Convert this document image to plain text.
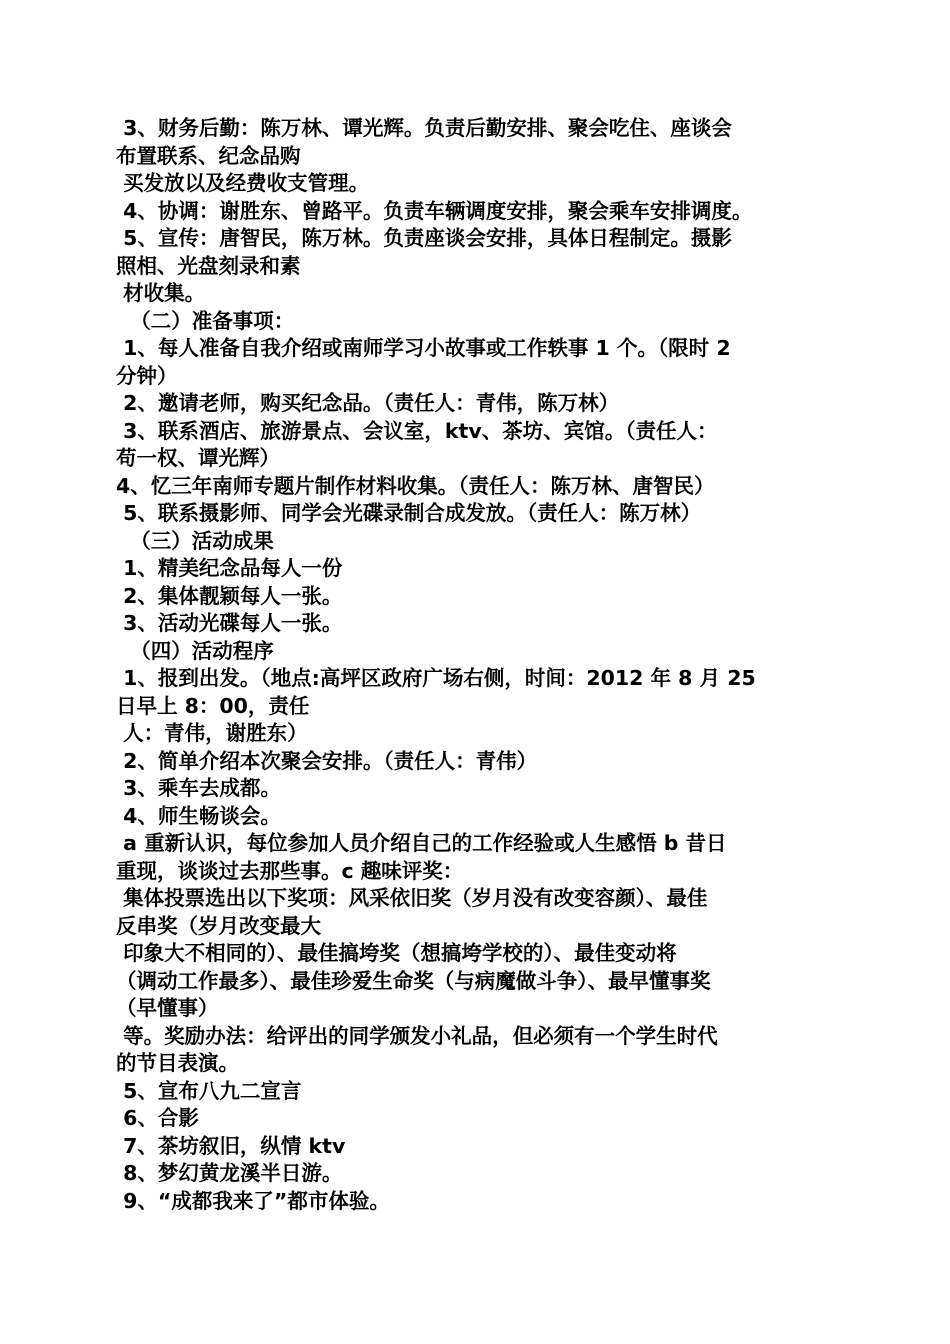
3、财务后勤：陈万林、谭光辉。负责后勤安排、聚会吃住、座谈会
布置联系、纪念品购
买发放以及经费收支管理。
4、协调：谢胜东、曾路平。负责车辆调度安排，聚会乘车安排调度。
5、宣传：唐智民，陈万林。负责座谈会安排，具体日程制定。摄影
照相、光盘刻录和素
材收集。
（二）准备事项：
1、每人准备自我介绍或南师学习小故事或工作轶事 1 个。（限时 2
分钟）
2、邀请老师，购买纪念品。（责任人：青伟，陈万林）
3、联系酒店、旅游景点、会议室，ktv、茶坊、宾馆。（责任人：
苟一权、谭光辉）
4、忆三年南师专题片制作材料收集。（责任人：陈万林、唐智民）
5、联系摄影师、同学会光碟录制合成发放。（责任人：陈万林）
（三）活动成果
1、精美纪念品每人一份
2、集体靓颖每人一张。
3、活动光碟每人一张。
（四）活动程序
1、报到出发。（地点:高坪区政府广场右侧，时间：2012 年 8 月 25
日早上 8：00，责任
人：青伟，谢胜东）
2、简单介绍本次聚会安排。（责任人：青伟）
3、乘车去成都。
4、师生畅谈会。
a 重新认识，每位参加人员介绍自己的工作经验或人生感悟 b 昔日
重现，谈谈过去那些事。c 趣味评奖：
集体投票选出以下奖项：风采依旧奖（岁月没有改变容颜）、最佳
反串奖（岁月改变最大
印象大不相同的）、最佳搞垮奖（想搞垮学校的）、最佳变动将
（调动工作最多）、最佳珍爱生命奖（与病魔做斗争）、最早懂事奖
（早懂事）
等。奖励办法：给评出的同学颁发小礼品，但必须有一个学生时代
的节目表演。
5、宣布八九二宣言
6、合影
7、茶坊叙旧，纵情 ktv
8、梦幻黄龙溪半日游。
9、“成都我来了”都市体验。
